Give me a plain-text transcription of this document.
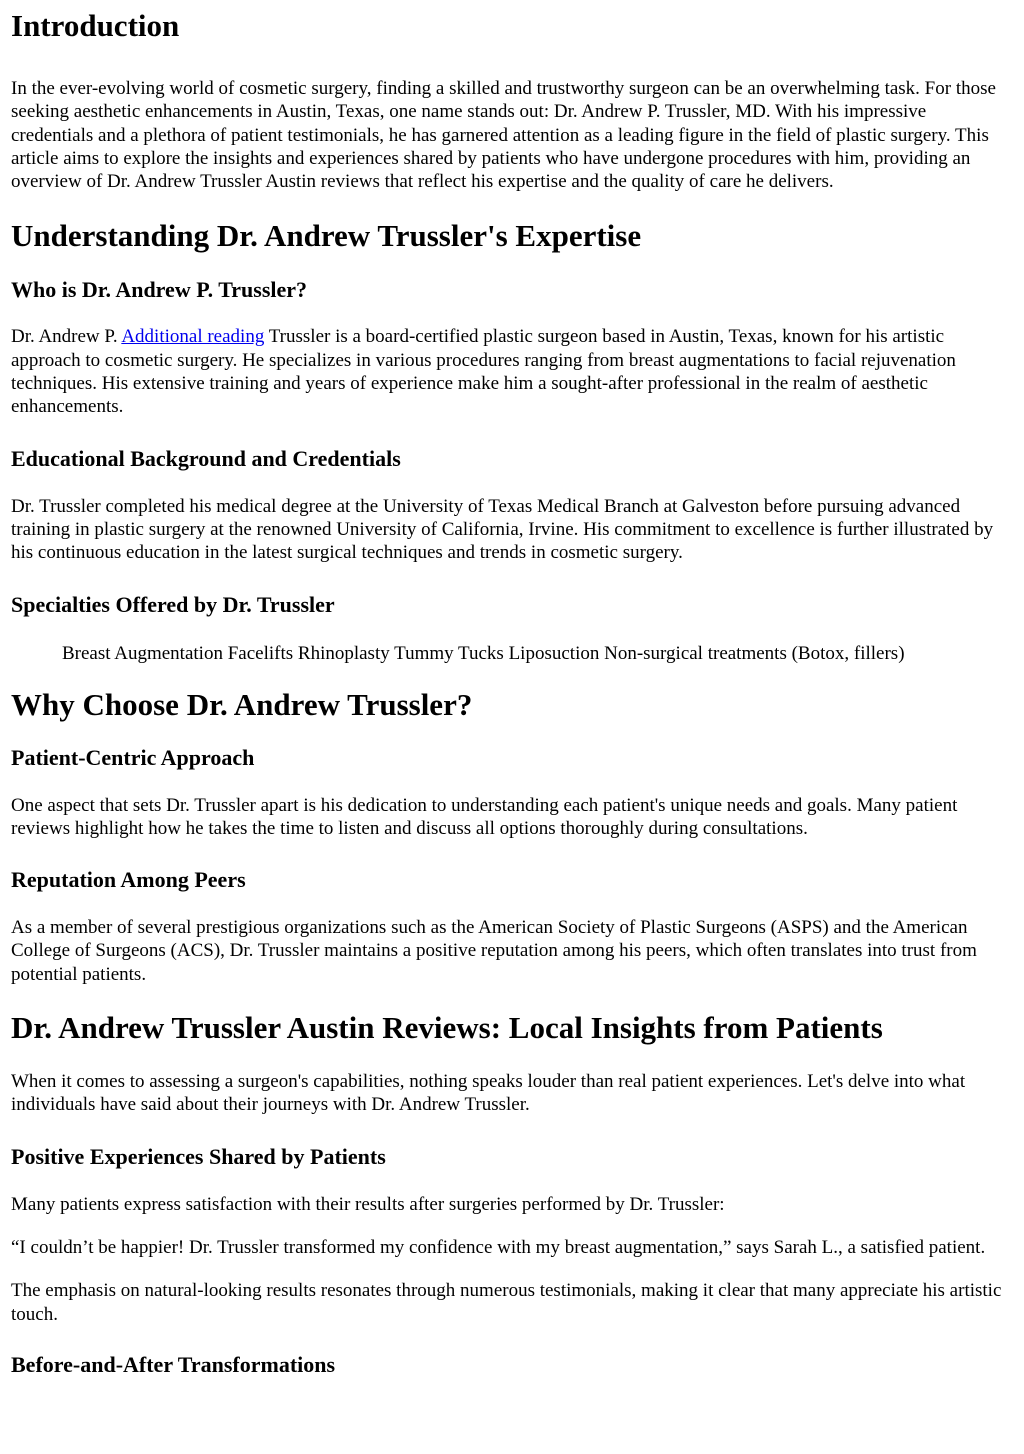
Introduction

In the ever-evolving world of cosmetic surgery, finding a skilled and trustworthy surgeon can be an overwhelming task. For those seeking aesthetic enhancements in Austin, Texas, one name stands out: Dr. Andrew P. Trussler, MD. With his impressive credentials and a plethora of patient testimonials, he has garnered attention as a leading figure in the field of plastic surgery. This article aims to explore the insights and experiences shared by patients who have undergone procedures with him, providing an overview of Dr. Andrew Trussler Austin reviews that reflect his expertise and the quality of care he delivers.

Understanding Dr. Andrew Trussler's Expertise
Who is Dr. Andrew P. Trussler?

Dr. Andrew P. Additional reading Trussler is a board-certified plastic surgeon based in Austin, Texas, known for his artistic approach to cosmetic surgery. He specializes in various procedures ranging from breast augmentations to facial rejuvenation techniques. His extensive training and years of experience make him a sought-after professional in the realm of aesthetic enhancements.

Educational Background and Credentials

Dr. Trussler completed his medical degree at the University of Texas Medical Branch at Galveston before pursuing advanced training in plastic surgery at the renowned University of California, Irvine. His commitment to excellence is further illustrated by his continuous education in the latest surgical techniques and trends in cosmetic surgery.

Specialties Offered by Dr. Trussler
Breast Augmentation Facelifts Rhinoplasty Tummy Tucks Liposuction Non-surgical treatments (Botox, fillers)
Why Choose Dr. Andrew Trussler?
Patient-Centric Approach

One aspect that sets Dr. Trussler apart is his dedication to understanding each patient's unique needs and goals. Many patient reviews highlight how he takes the time to listen and discuss all options thoroughly during consultations.

Reputation Among Peers

As a member of several prestigious organizations such as the American Society of Plastic Surgeons (ASPS) and the American College of Surgeons (ACS), Dr. Trussler maintains a positive reputation among his peers, which often translates into trust from potential patients.

Dr. Andrew Trussler Austin Reviews: Local Insights from Patients

When it comes to assessing a surgeon's capabilities, nothing speaks louder than real patient experiences. Let's delve into what individuals have said about their journeys with Dr. Andrew Trussler.

Positive Experiences Shared by Patients

Many patients express satisfaction with their results after surgeries performed by Dr. Trussler:

“I couldn’t be happier! Dr. Trussler transformed my confidence with my breast augmentation,” says Sarah L., a satisfied patient.

The emphasis on natural-looking results resonates through numerous testimonials, making it clear that many appreciate his artistic touch.

Before-and-After Transformations
